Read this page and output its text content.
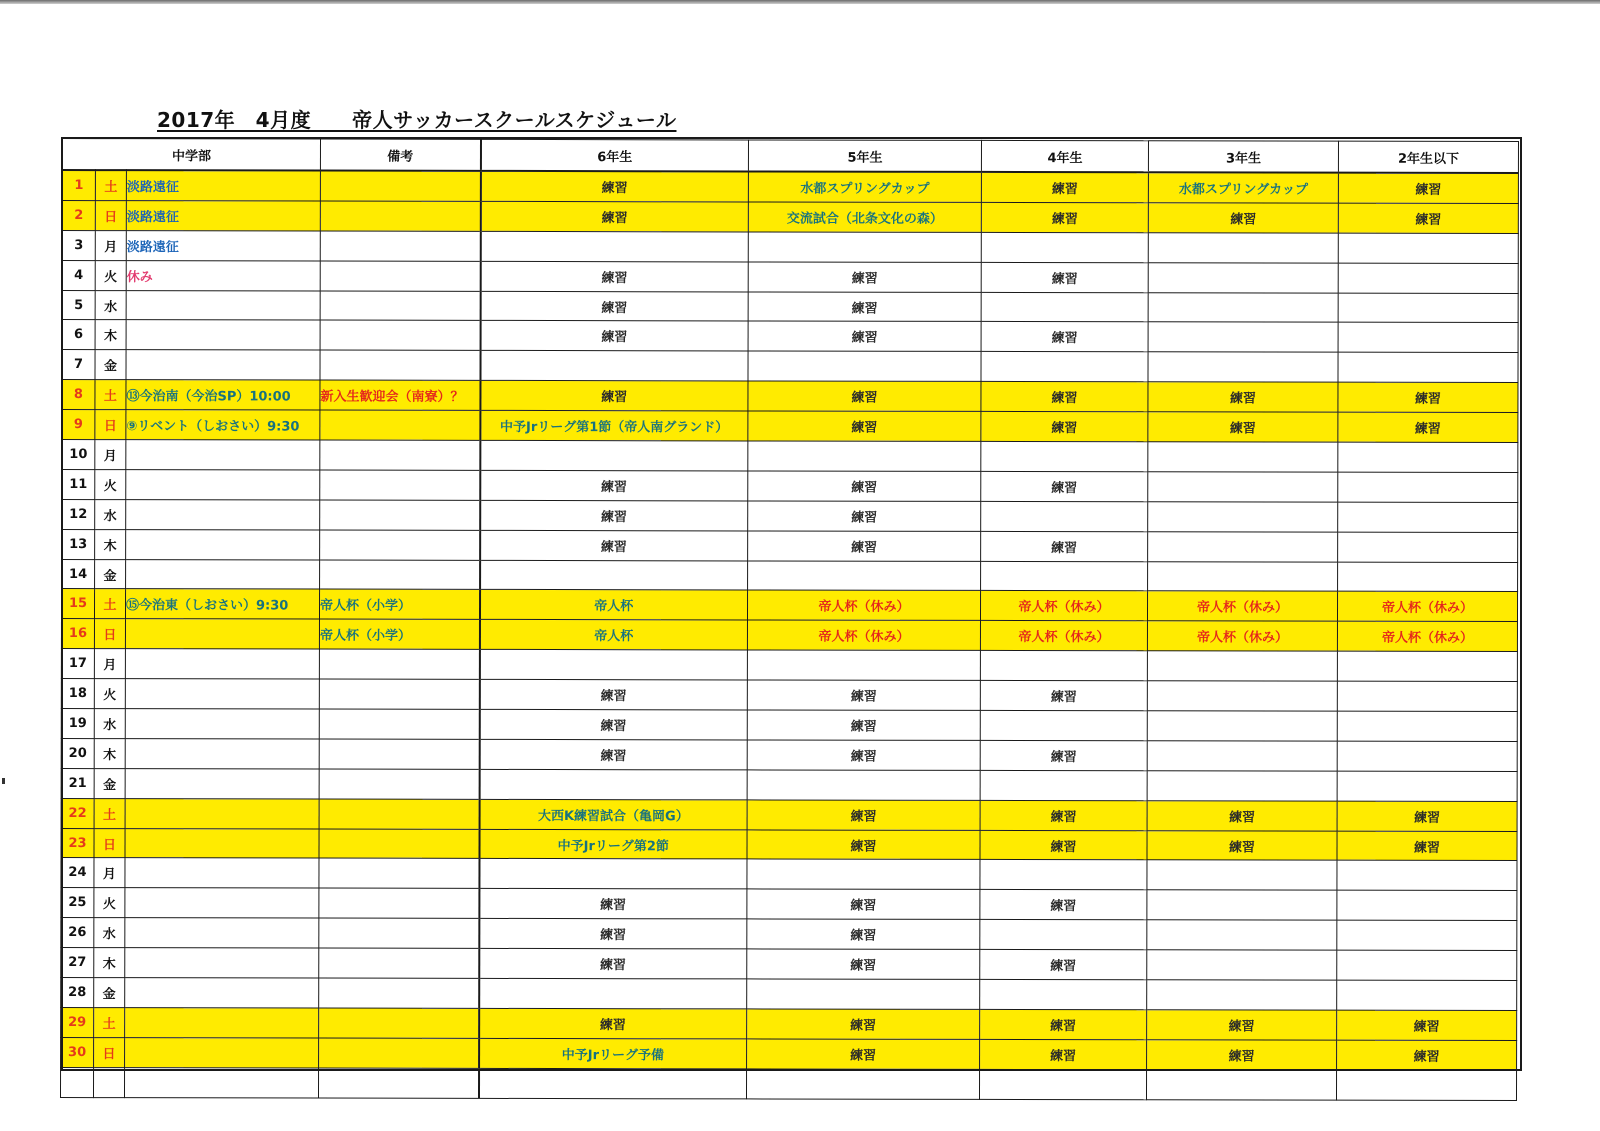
2017年　4月度　　帝人サッカースクールスケジュール
中学部			備考	6年生	5年生	4年生	3年生	2年生以下
1	土	淡路遠征		練習	水都スプリングカップ	練習	水都スプリングカップ	練習
2	日	淡路遠征		練習	交流試合（北条文化の森）	練習	練習	練習
3	月	淡路遠征						
4	火	休み		練習	練習	練習		
5	水			練習	練習			
6	木			練習	練習	練習		
7	金							
8	土	⑬今治南（今治SP）10:00	新入生歓迎会（南寮）？	練習	練習	練習	練習	練習
9	日	⑨リベント（しおさい）9:30		中予Jrリーグ第1節（帝人南グランド）	練習	練習	練習	練習
10	月							
11	火			練習	練習	練習		
12	水			練習	練習			
13	木			練習	練習	練習		
14	金							
15	土	⑮今治東（しおさい）9:30	帝人杯（小学）	帝人杯	帝人杯（休み）	帝人杯（休み）	帝人杯（休み）	帝人杯（休み）
16	日		帝人杯（小学）	帝人杯	帝人杯（休み）	帝人杯（休み）	帝人杯（休み）	帝人杯（休み）
17	月							
18	火			練習	練習	練習		
19	水			練習	練習			
20	木			練習	練習	練習		
21	金							
22	土			大西K練習試合（亀岡G）	練習	練習	練習	練習
23	日			中予Jrリーグ第2節	練習	練習	練習	練習
24	月							
25	火			練習	練習	練習		
26	水			練習	練習			
27	木			練習	練習	練習		
28	金							
29	土			練習	練習	練習	練習	練習
30	日			中予Jrリーグ予備	練習	練習	練習	練習
